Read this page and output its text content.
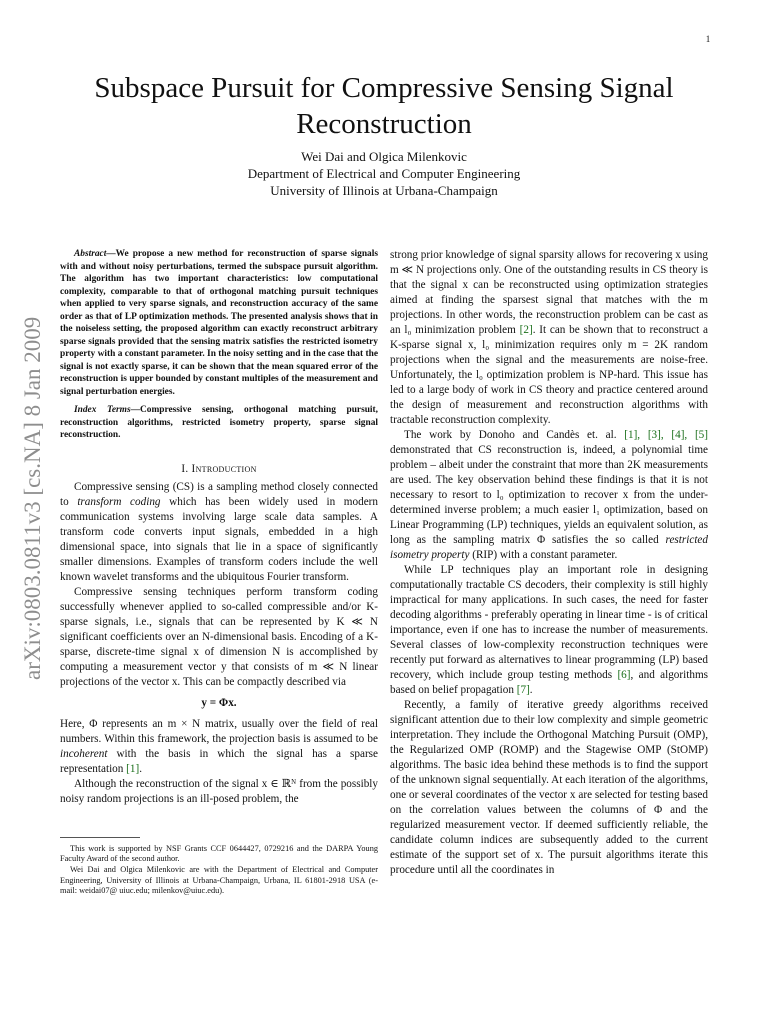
1
Subspace Pursuit for Compressive Sensing Signal
Reconstruction
Wei Dai and Olgica Milenkovic
Department of Electrical and Computer Engineering
University of Illinois at Urbana-Champaign
arXiv:0803.0811v3 [cs.NA] 8 Jan 2009

Abstract—We propose a new method for reconstruction of sparse signals with and without noisy perturbations, termed the subspace pursuit algorithm. The algorithm has two important characteristics: low computational complexity, comparable to that of orthogonal matching pursuit techniques when applied to very sparse signals, and reconstruction accuracy of the same order as that of LP optimization methods. The presented analysis shows that in the noiseless setting, the proposed algorithm can exactly reconstruct arbitrary sparse signals provided that the sensing matrix satisfies the restricted isometry property with a constant parameter. In the noisy setting and in the case that the signal is not exactly sparse, it can be shown that the mean squared error of the reconstruction is upper bounded by constant multiples of the measurement and signal perturbation energies.

Index Terms—Compressive sensing, orthogonal matching pursuit, reconstruction algorithms, restricted isometry property, sparse signal reconstruction.

I. Introduction

Compressive sensing (CS) is a sampling method closely connected to transform coding which has been widely used in modern communication systems involving large scale data samples. A transform code converts input signals, embedded in a high dimensional space, into signals that lie in a space of significantly smaller dimensions. Examples of transform coders include the well known wavelet transforms and the ubiquitous Fourier transform.

Compressive sensing techniques perform transform coding successfully whenever applied to so-called compressible and/or K-sparse signals, i.e., signals that can be represented by K ≪ N significant coefficients over an N-dimensional basis. Encoding of a K-sparse, discrete-time signal x of dimension N is accomplished by computing a measurement vector y that consists of m ≪ N linear projections of the vector x. This can be compactly described via

y = Φx.

Here, Φ represents an m × N matrix, usually over the field of real numbers. Within this framework, the projection basis is assumed to be incoherent with the basis in which the signal has a sparse representation [1].

Although the reconstruction of the signal x ∈ ℝᴺ from the possibly noisy random projections is an ill-posed problem, the

This work is supported by NSF Grants CCF 0644427, 0729216 and the DARPA Young Faculty Award of the second author.

Wei Dai and Olgica Milenkovic are with the Department of Electrical and Computer Engineering, University of Illinois at Urbana-Champaign, Urbana, IL 61801-2918 USA (e-mail: weidai07@ uiuc.edu; milenkov@uiuc.edu).

strong prior knowledge of signal sparsity allows for recovering x using m ≪ N projections only. One of the outstanding results in CS theory is that the signal x can be reconstructed using optimization strategies aimed at finding the sparsest signal that matches with the m projections. In other words, the reconstruction problem can be cast as an l₀ minimization problem [2]. It can be shown that to reconstruct a K-sparse signal x, l₀ minimization requires only m = 2K random projections when the signal and the measurements are noise-free. Unfortunately, the l₀ optimization problem is NP-hard. This issue has led to a large body of work in CS theory and practice centered around the design of measurement and reconstruction algorithms with tractable reconstruction complexity.

The work by Donoho and Candès et. al. [1], [3], [4], [5] demonstrated that CS reconstruction is, indeed, a polynomial time problem – albeit under the constraint that more than 2K measurements are used. The key observation behind these findings is that it is not necessary to resort to l₀ optimization to recover x from the under-determined inverse problem; a much easier l₁ optimization, based on Linear Programming (LP) techniques, yields an equivalent solution, as long as the sampling matrix Φ satisfies the so called restricted isometry property (RIP) with a constant parameter.

While LP techniques play an important role in designing computationally tractable CS decoders, their complexity is still highly impractical for many applications. In such cases, the need for faster decoding algorithms - preferably operating in linear time - is of critical importance, even if one has to increase the number of measurements. Several classes of low-complexity reconstruction techniques were recently put forward as alternatives to linear programming (LP) based recovery, which include group testing methods [6], and algorithms based on belief propagation [7].

Recently, a family of iterative greedy algorithms received significant attention due to their low complexity and simple geometric interpretation. They include the Orthogonal Matching Pursuit (OMP), the Regularized OMP (ROMP) and the Stagewise OMP (StOMP) algorithms. The basic idea behind these methods is to find the support of the unknown signal sequentially. At each iteration of the algorithms, one or several coordinates of the vector x are selected for testing based on the correlation values between the columns of Φ and the regularized measurement vector. If deemed sufficiently reliable, the candidate column indices are subsequently added to the current estimate of the support set of x. The pursuit algorithms iterate this procedure until all the coordinates in
